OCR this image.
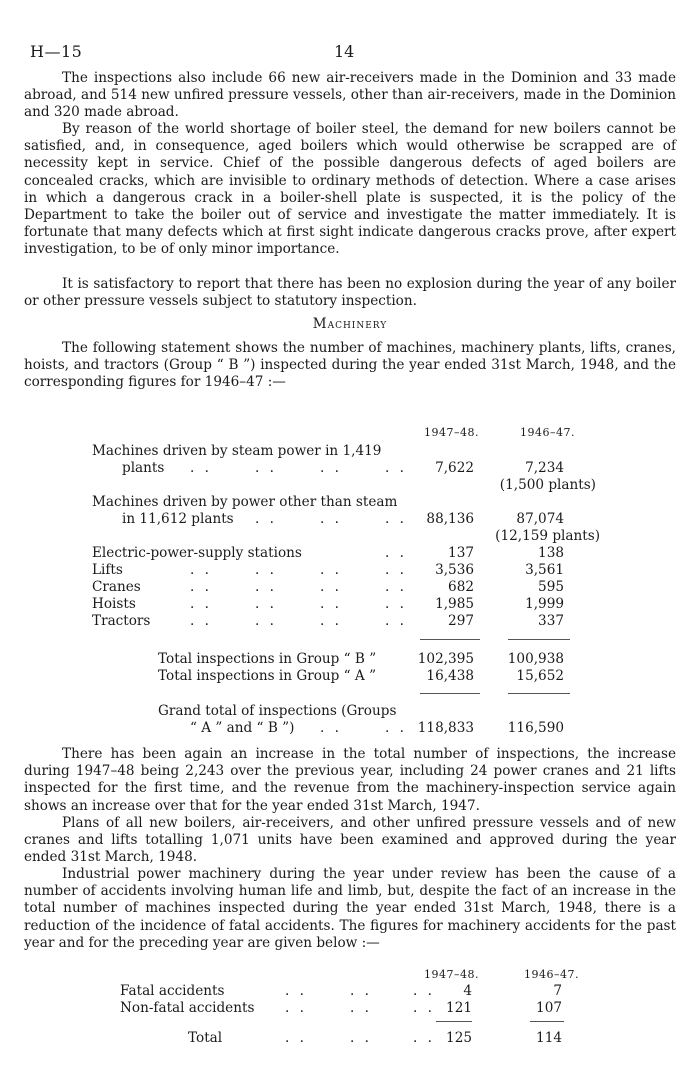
H—15	14

The inspections also include 66 new air-receivers made in the Dominion and 33 made abroad, and 514 new unfired pressure vessels, other than air-receivers, made in the Dominion and 320 made abroad.

By reason of the world shortage of boiler steel, the demand for new boilers cannot be satisfied, and, in consequence, aged boilers which would otherwise be scrapped are of necessity kept in service. Chief of the possible dangerous defects of aged boilers are concealed cracks, which are invisible to ordinary methods of detection. Where a case arises in which a dangerous crack in a boiler-shell plate is suspected, it is the policy of the Department to take the boiler out of service and investigate the matter immediately. It is fortunate that many defects which at first sight indicate dangerous cracks prove, after expert investigation, to be of only minor importance.

It is satisfactory to report that there has been no explosion during the year of any boiler or other pressure vessels subject to statutory inspection.

Machinery

The following statement shows the number of machines, machinery plants, lifts, cranes, hoists, and tractors (Group “ B ”) inspected during the year ended 31st March, 1948, and the corresponding figures for 1946–47 :—

1947–48.	1946–47.
Machines driven by steam power in 1,419
plants . .	. .	. .	. .	7,622	7,234
(1,500 plants)
Machines driven by power other than steam
in 11,612 plants . .	. .	. .	88,136	87,074
(12,159 plants)
Electric-power-supply stations	. .	137	138
Lifts	. .	. .	. .	. .	3,536	3,561
Cranes	. .	. .	. .	. .	682	595
Hoists	. .	. .	. .	. .	1,985	1,999
Tractors	. .	. .	. .	. .	297	337
Total inspections in Group “ B ”	102,395	100,938
Total inspections in Group “ A ”	16,438	15,652
Grand total of inspections (Groups
“ A ” and “ B ”) . .	. . 118,833	116,590

There has been again an increase in the total number of inspections, the increase during 1947–48 being 2,243 over the previous year, including 24 power cranes and 21 lifts inspected for the first time, and the revenue from the machinery-inspection service again shows an increase over that for the year ended 31st March, 1947.

Plans of all new boilers, air-receivers, and other unfired pressure vessels and of new cranes and lifts totalling 1,071 units have been examined and approved during the year ended 31st March, 1948.

Industrial power machinery during the year under review has been the cause of a number of accidents involving human life and limb, but, despite the fact of an increase in the total number of machines inspected during the year ended 31st March, 1948, there is a reduction of the incidence of fatal accidents. The figures for machinery accidents for the past year and for the preceding year are given below :—

1947–48.	1946–47.
Fatal accidents	. .	. .	. .	4	7
Non-fatal accidents . .	. .	. . 121	107
Total	. .	. .	. . 125	114
